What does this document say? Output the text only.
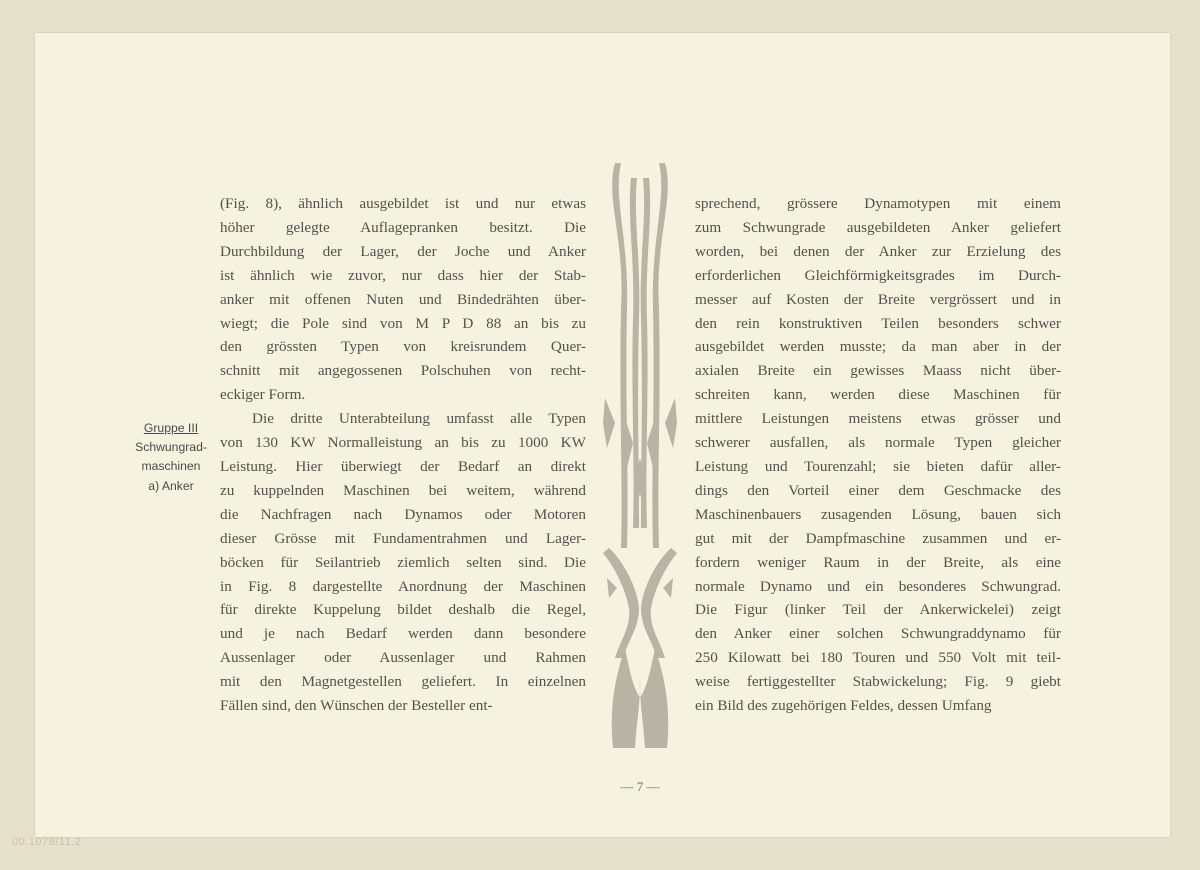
(Fig. 8), ähnlich ausgebildet ist und nur etwas
höher gelegte Auflagepranken besitzt. Die
Durchbildung der Lager, der Joche und Anker
ist ähnlich wie zuvor, nur dass hier der Stab-
anker mit offenen Nuten und Bindedrähten über-
wiegt; die Pole sind von M P D 88 an bis zu
den grössten Typen von kreisrundem Quer-
schnitt mit angegossenen Polschuhen von recht-
eckiger Form.
Die dritte Unterabteilung umfasst alle Typen
von 130 KW Normalleistung an bis zu 1000 KW
Leistung. Hier überwiegt der Bedarf an direkt
zu kuppelnden Maschinen bei weitem, während
die Nachfragen nach Dynamos oder Motoren
dieser Grösse mit Fundamentrahmen und Lager-
böcken für Seilantrieb ziemlich selten sind. Die
in Fig. 8 dargestellte Anordnung der Maschinen
für direkte Kuppelung bildet deshalb die Regel,
und je nach Bedarf werden dann besondere
Aussenlager oder Aussenlager und Rahmen
mit den Magnetgestellen geliefert. In einzelnen
Fällen sind, den Wünschen der Besteller ent-
sprechend, grössere Dynamotypen mit einem
zum Schwungrade ausgebildeten Anker geliefert
worden, bei denen der Anker zur Erzielung des
erforderlichen Gleichförmigkeitsgrades im Durch-
messer auf Kosten der Breite vergrössert und in
den rein konstruktiven Teilen besonders schwer
ausgebildet werden musste; da man aber in der
axialen Breite ein gewisses Maass nicht über-
schreiten kann, werden diese Maschinen für
mittlere Leistungen meistens etwas grösser und
schwerer ausfallen, als normale Typen gleicher
Leistung und Tourenzahl; sie bieten dafür aller-
dings den Vorteil einer dem Geschmacke des
Maschinenbauers zusagenden Lösung, bauen sich
gut mit der Dampfmaschine zusammen und er-
fordern weniger Raum in der Breite, als eine
normale Dynamo und ein besonderes Schwungrad.
Die Figur (linker Teil der Ankerwickelei) zeigt
den Anker einer solchen Schwungraddynamo für
250 Kilowatt bei 180 Touren und 550 Volt mit teil-
weise fertiggestellter Stabwickelung; Fig. 9 giebt
ein Bild des zugehörigen Feldes, dessen Umfang
Gruppe III
Schwungrad-
maschinen
a) Anker
— 7 —
00.1079/11.2
